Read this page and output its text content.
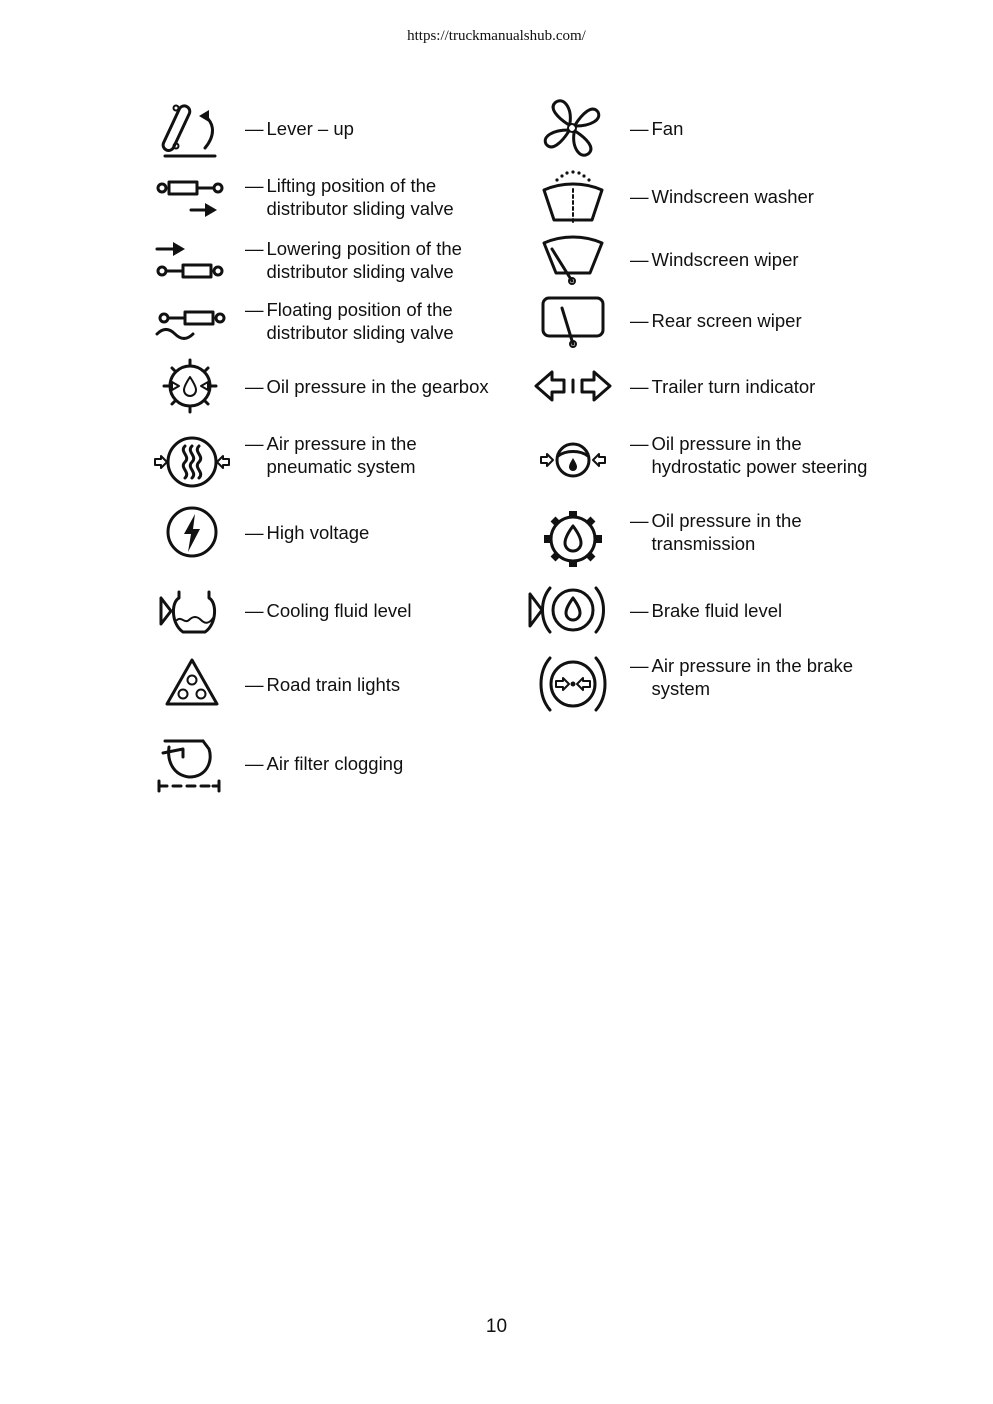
https://truckmanualshub.com/
— Lever – up
— Lifting position of the
distributor sliding valve
— Lowering position of the
distributor sliding valve
— Floating position of the
distributor sliding valve
— Oil pressure in the gearbox
— Air pressure in the
pneumatic system
— High voltage
— Cooling fluid level
— Road train lights
— Air filter clogging
— Fan
— Windscreen washer
— Windscreen wiper
— Rear screen wiper
— Trailer turn indicator
— Oil pressure in the
hydrostatic power steering
— Oil pressure in the
transmission
— Brake fluid level
— Air pressure in the brake
system
10
